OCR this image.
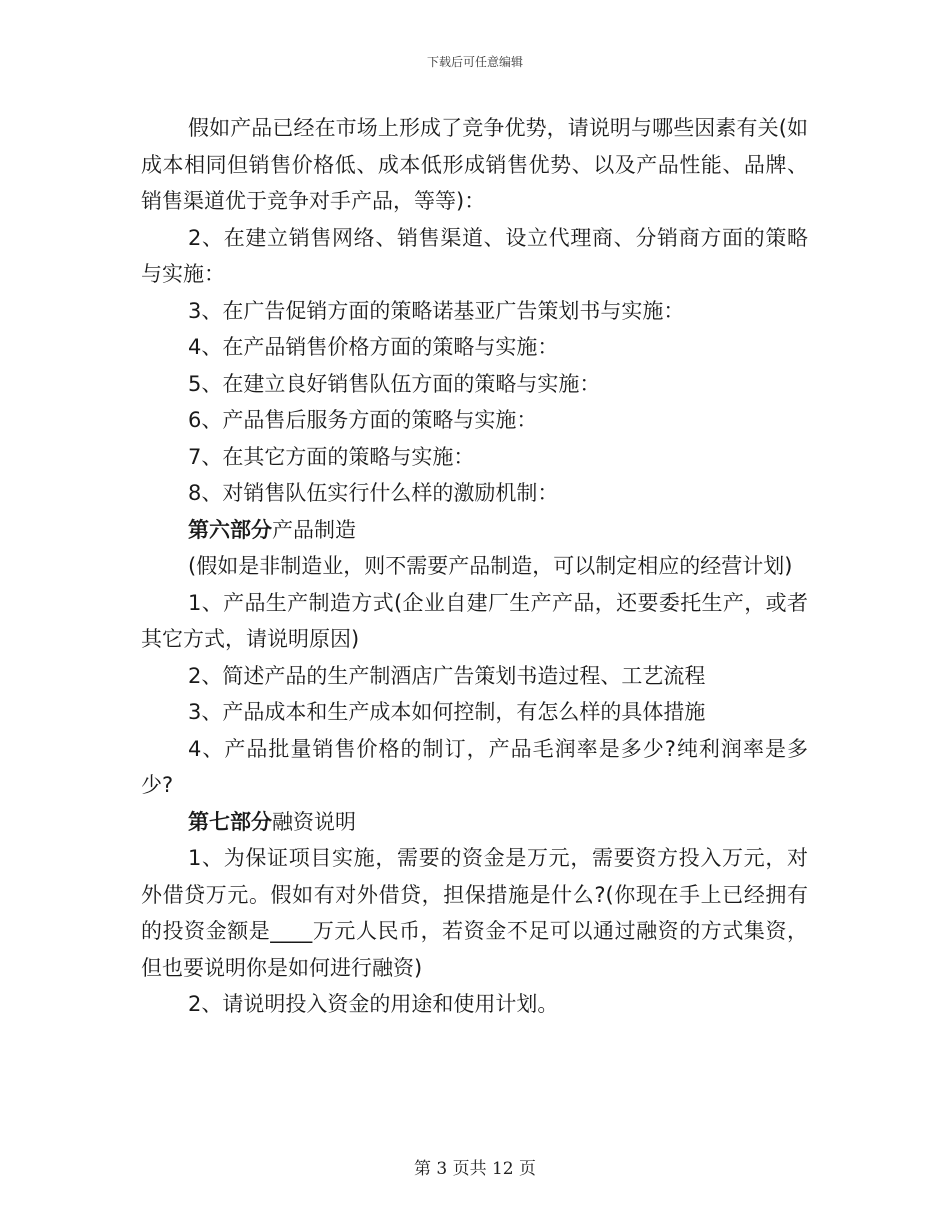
下载后可任意编辑

假如产品已经在市场上形成了竞争优势，请说明与哪些因素有关(如成本相同但销售价格低、成本低形成销售优势、以及产品性能、品牌、销售渠道优于竞争对手产品，等等)：

2、在建立销售网络、销售渠道、设立代理商、分销商方面的策略与实施：

3、在广告促销方面的策略诺基亚广告策划书与实施：

4、在产品销售价格方面的策略与实施：

5、在建立良好销售队伍方面的策略与实施：

6、产品售后服务方面的策略与实施：

7、在其它方面的策略与实施：

8、对销售队伍实行什么样的激励机制：

第六部分产品制造

(假如是非制造业，则不需要产品制造，可以制定相应的经营计划)

1、产品生产制造方式(企业自建厂生产产品，还要委托生产，或者其它方式，请说明原因)

2、简述产品的生产制酒店广告策划书造过程、工艺流程

3、产品成本和生产成本如何控制，有怎么样的具体措施

4、产品批量销售价格的制订，产品毛润率是多少?纯利润率是多少?

第七部分融资说明

1、为保证项目实施，需要的资金是万元，需要资方投入万元，对外借贷万元。假如有对外借贷，担保措施是什么?(你现在手上已经拥有的投资金额是____万元人民币，若资金不足可以通过融资的方式集资，但也要说明你是如何进行融资)

2、请说明投入资金的用途和使用计划。

第 3 页共 12 页
